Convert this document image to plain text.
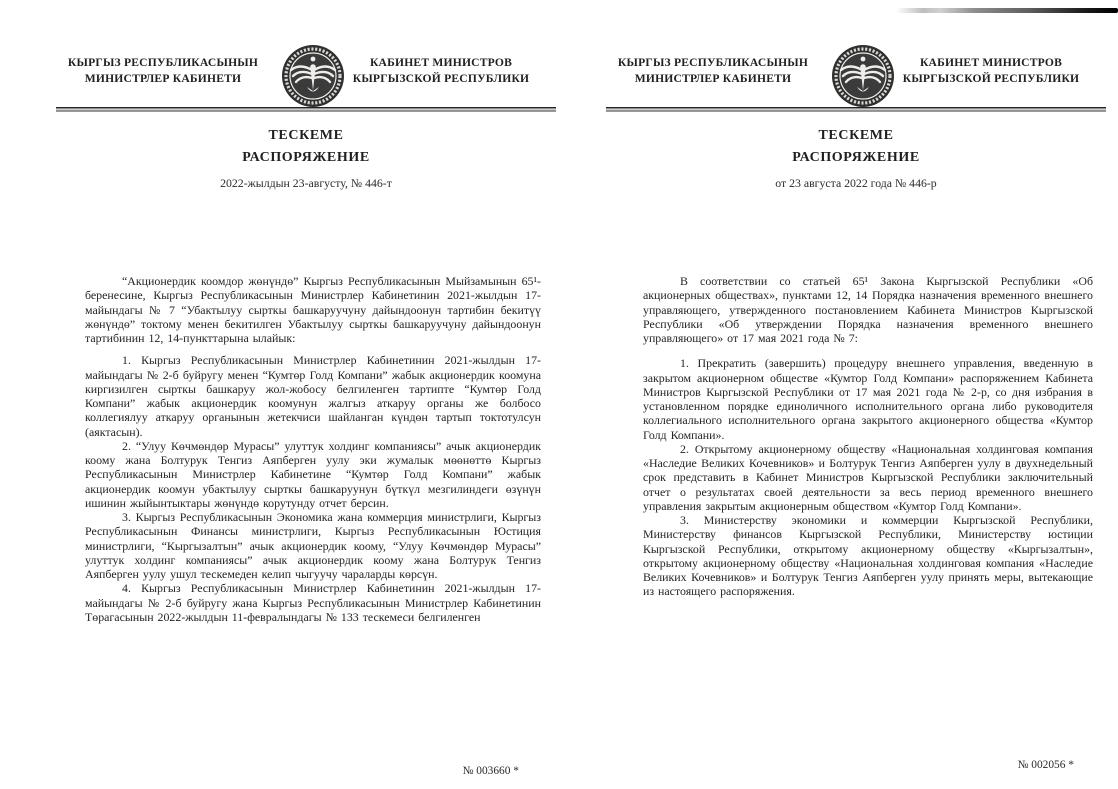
КЫРГЫЗ РЕСПУБЛИКАСЫНЫН
МИНИСТРЛЕР КАБИНЕТИ
КАБИНЕТ МИНИСТРОВ
КЫРГЫЗСКОЙ РЕСПУБЛИКИ
ТЕСКЕМЕ
РАСПОРЯЖЕНИЕ
2022-жылдын 23-августу, № 446-т

“Акционердик коомдор жөнүндө” Кыргыз Республикасынын Мыйзамынын 65¹-беренесине, Кыргыз Республикасынын Министрлер Кабинетинин 2021-жылдын 17-майындагы № 7 “Убактылуу сырткы башкаруучуну дайындоонун тартибин бекитүү жөнүндө” токтому менен бекитилген Убактылуу сырткы башкаруучуну дайындоонун тартибинин 12, 14-пункттарына ылайык:

1. Кыргыз Республикасынын Министрлер Кабинетинин 2021-жылдын 17-майындагы № 2-б буйругу менен “Кумтөр Голд Компани” жабык акционердик коомуна киргизилген сырткы башкаруу жол-жобосу белгиленген тартипте “Кумтөр Голд Компани” жабык акционердик коомунун жалгыз аткаруу органы же болбосо коллегиялуу аткаруу органынын жетекчиси шайланган күндөн тартып токтотулсун (аяктасын).

2. “Улуу Көчмөндөр Мурасы” улуттук холдинг компаниясы” ачык акционердик коому жана Болтурук Тенгиз Аяпберген уулу эки жумалык мөөнөттө Кыргыз Республикасынын Министрлер Кабинетине “Кумтөр Голд Компани” жабык акционердик коомун убактылуу сырткы башкаруунун бүткүл мезгилиндеги өзүнүн ишинин жыйынтыктары жөнүндө корутунду отчет берсин.

3. Кыргыз Республикасынын Экономика жана коммерция министрлиги, Кыргыз Республикасынын Финансы министрлиги, Кыргыз Республикасынын Юстиция министрлиги, “Кыргызалтын” ачык акционердик коому, “Улуу Көчмөндөр Мурасы” улуттук холдинг компаниясы” ачык акционердик коому жана Болтурук Тенгиз Аяпберген уулу ушул тескемеден келип чыгуучу чараларды көрсүн.

4. Кыргыз Республикасынын Министрлер Кабинетинин 2021-жылдын 17-майындагы № 2-б буйругу жана Кыргыз Республикасынын Министрлер Кабинетинин Төрагасынын 2022-жылдын 11-февралындагы № 133 тескемеси белгиленген

№ 003660 *
КЫРГЫЗ РЕСПУБЛИКАСЫНЫН
МИНИСТРЛЕР КАБИНЕТИ
КАБИНЕТ МИНИСТРОВ
КЫРГЫЗСКОЙ РЕСПУБЛИКИ
ТЕСКЕМЕ
РАСПОРЯЖЕНИЕ
от 23 августа 2022 года № 446-р

В соответствии со статьей 65¹ Закона Кыргызской Республики «Об акционерных обществах», пунктами 12, 14 Порядка назначения временного внешнего управляющего, утвержденного постановлением Кабинета Министров Кыргызской Республики «Об утверждении Порядка назначения временного внешнего управляющего» от 17 мая 2021 года № 7:

1. Прекратить (завершить) процедуру внешнего управления, введенную в закрытом акционерном обществе «Кумтор Голд Компани» распоряжением Кабинета Министров Кыргызской Республики от 17 мая 2021 года № 2-р, со дня избрания в установленном порядке единоличного исполнительного органа либо руководителя коллегиального исполнительного органа закрытого акционерного общества «Кумтор Голд Компани».

2. Открытому акционерному обществу «Национальная холдинговая компания «Наследие Великих Кочевников» и Болтурук Тенгиз Аяпберген уулу в двухнедельный срок представить в Кабинет Министров Кыргызской Республики заключительный отчет о результатах своей деятельности за весь период временного внешнего управления закрытым акционерным обществом «Кумтор Голд Компани».

3. Министерству экономики и коммерции Кыргызской Республики, Министерству финансов Кыргызской Республики, Министерству юстиции Кыргызской Республики, открытому акционерному обществу «Кыргызалтын», открытому акционерному обществу «Национальная холдинговая компания «Наследие Великих Кочевников» и Болтурук Тенгиз Аяпберген уулу принять меры, вытекающие из настоящего распоряжения.

№ 002056 *
